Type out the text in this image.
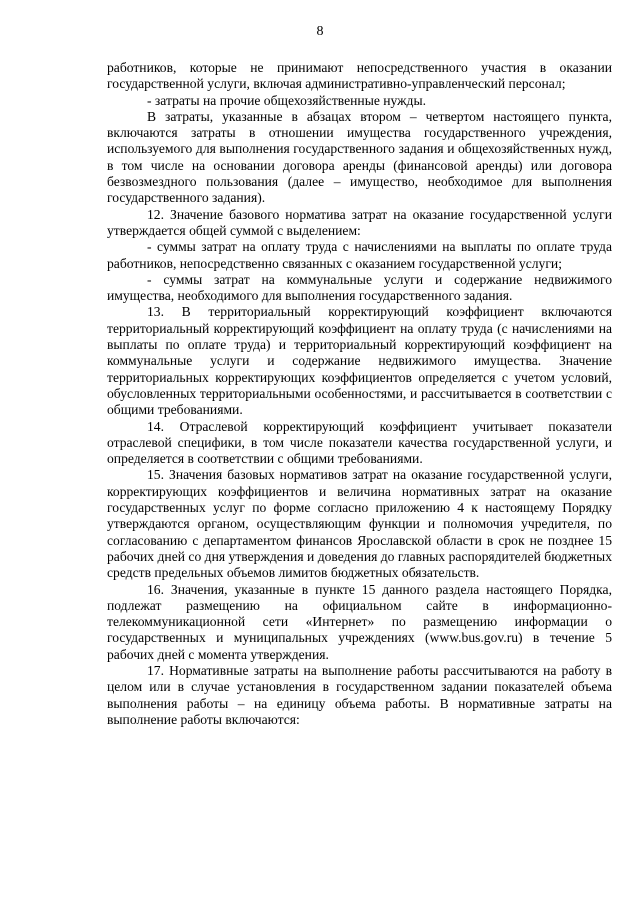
8

работников, которые не принимают непосредственного участия в оказании государственной услуги, включая административно-управленческий персонал;

- затраты на прочие общехозяйственные нужды.

В затраты, указанные в абзацах втором – четвертом настоящего пункта, включаются затраты в отношении имущества государственного учреждения, используемого для выполнения государственного задания и общехозяйственных нужд, в том числе на основании договора аренды (финансовой аренды) или договора безвозмездного пользования (далее – имущество, необходимое для выполнения государственного задания).

12. Значение базового норматива затрат на оказание государственной услуги утверждается общей суммой с выделением:

- суммы затрат на оплату труда с начислениями на выплаты по оплате труда работников, непосредственно связанных с оказанием государственной услуги;

- суммы затрат на коммунальные услуги и содержание недвижимого имущества, необходимого для выполнения государственного задания.

13. В территориальный корректирующий коэффициент включаются территориальный корректирующий коэффициент на оплату труда (с начислениями на выплаты по оплате труда) и территориальный корректирующий коэффициент на коммунальные услуги и содержание недвижимого имущества. Значение территориальных корректирующих коэффициентов определяется с учетом условий, обусловленных территориальными особенностями, и рассчитывается в соответствии с общими требованиями.

14. Отраслевой корректирующий коэффициент учитывает показатели отраслевой специфики, в том числе показатели качества государственной услуги, и определяется в соответствии с общими требованиями.

15. Значения базовых нормативов затрат на оказание государственной услуги, корректирующих коэффициентов и величина нормативных затрат на оказание государственных услуг по форме согласно приложению 4 к настоящему Порядку утверждаются органом, осуществляющим функции и полномочия учредителя, по согласованию с департаментом финансов Ярославской области в срок не позднее 15 рабочих дней со дня утверждения и доведения до главных распорядителей бюджетных средств предельных объемов лимитов бюджетных обязательств.

16. Значения, указанные в пункте 15 данного раздела настоящего Порядка, подлежат размещению на официальном сайте в информационно-телекоммуникационной сети «Интернет» по размещению информации о государственных и муниципальных учреждениях (www.bus.gov.ru) в течение 5 рабочих дней с момента утверждения.

17. Нормативные затраты на выполнение работы рассчитываются на работу в целом или в случае установления в государственном задании показателей объема выполнения работы – на единицу объема работы. В нормативные затраты на выполнение работы включаются:
